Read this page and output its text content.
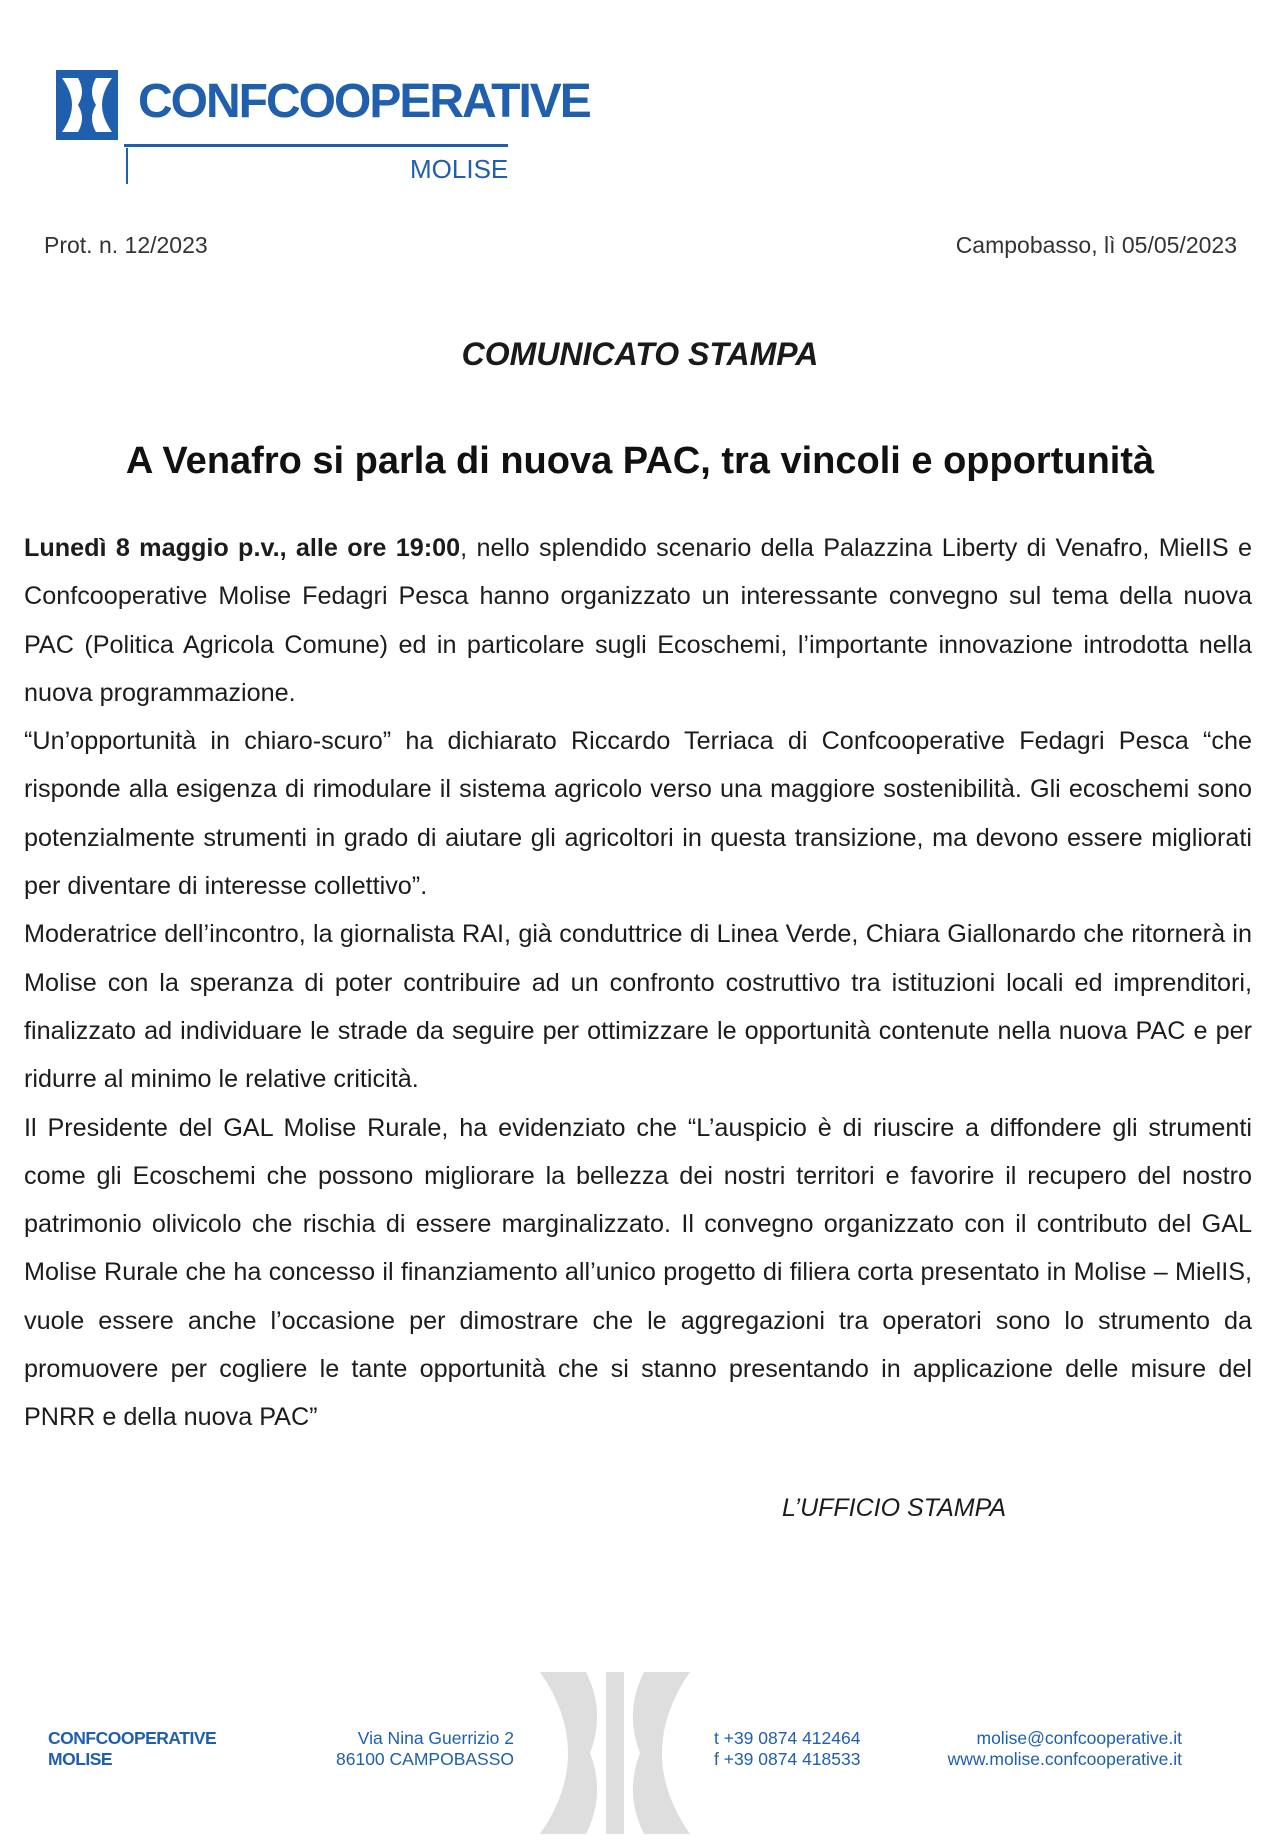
CONFCOOPERATIVE
MOLISE
Prot. n. 12/2023	Campobasso, lì 05/05/2023
COMUNICATO STAMPA
A Venafro si parla di nuova PAC, tra vincoli e opportunità

Lunedì 8 maggio p.v., alle ore 19:00, nello splendido scenario della Palazzina Liberty di Venafro, MielIS e Confcooperative Molise Fedagri Pesca hanno organizzato un interessante convegno sul tema della nuova PAC (Politica Agricola Comune) ed in particolare sugli Ecoschemi, l’importante innovazione introdotta nella nuova programmazione.

“Un’opportunità in chiaro-scuro” ha dichiarato Riccardo Terriaca di Confcooperative Fedagri Pesca “che risponde alla esigenza di rimodulare il sistema agricolo verso una maggiore sostenibilità. Gli ecoschemi sono potenzialmente strumenti in grado di aiutare gli agricoltori in questa transizione, ma devono essere migliorati per diventare di interesse collettivo”.

Moderatrice dell’incontro, la giornalista RAI, già conduttrice di Linea Verde, Chiara Giallonardo che ritornerà in Molise con la speranza di poter contribuire ad un confronto costruttivo tra istituzioni locali ed imprenditori, finalizzato ad individuare le strade da seguire per ottimizzare le opportunità contenute nella nuova PAC e per ridurre al minimo le relative criticità.

Il Presidente del GAL Molise Rurale, ha evidenziato che “L’auspicio è di riuscire a diffondere gli strumenti come gli Ecoschemi che possono migliorare la bellezza dei nostri territori e favorire il recupero del nostro patrimonio olivicolo che rischia di essere marginalizzato. Il convegno organizzato con il contributo del GAL Molise Rurale che ha concesso il finanziamento all’unico progetto di filiera corta presentato in Molise – MielIS, vuole essere anche l’occasione per dimostrare che le aggregazioni tra operatori sono lo strumento da promuovere per cogliere le tante opportunità che si stanno presentando in applicazione delle misure del PNRR e della nuova PAC”

L’UFFICIO STAMPA
CONFCOOPERATIVE
MOLISE
Via Nina Guerrizio 2
86100 CAMPOBASSO
t +39 0874 412464
f +39 0874 418533
molise@confcooperative.it
www.molise.confcooperative.it
